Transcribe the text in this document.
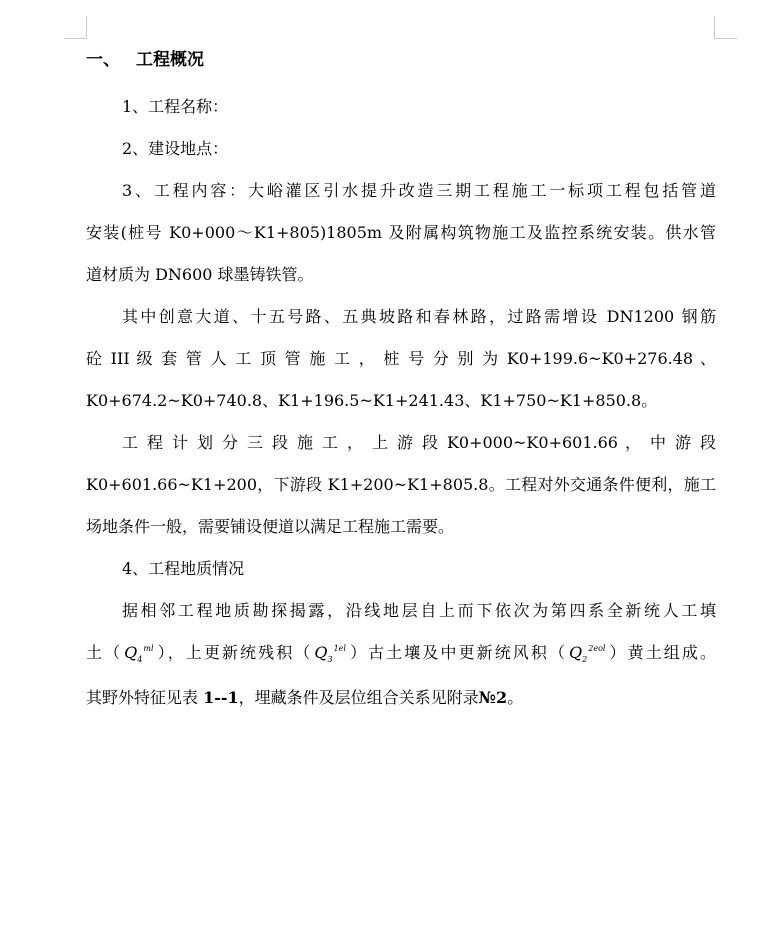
一、 工程概况
1、工程名称：
2、建设地点：
3、工程内容：大峪灌区引水提升改造三期工程施工一标项工程包括管道
安装(桩号 K0+000～K1+805)1805m 及附属构筑物施工及监控系统安装。供水管
道材质为 DN600 球墨铸铁管。
其中创意大道、十五号路、五典坡路和春林路，过路需增设 DN1200 钢筋
砼 III 级 套 管 人 工 顶 管 施 工 ， 桩 号 分 别 为 K0+199.6~K0+276.48 、
K0+674.2~K0+740.8、K1+196.5~K1+241.43、K1+750~K1+850.8。
工 程 计 划 分 三 段 施 工 ， 上 游 段 K0+000~K0+601.66 ， 中 游 段
K0+601.66~K1+200，下游段 K1+200~K1+805.8。工程对外交通条件便利，施工
场地条件一般，需要铺设便道以满足工程施工需要。
4、工程地质情况
据相邻工程地质勘探揭露，沿线地层自上而下依次为第四系全新统人工填
土（ $Q_4^{ml}$ ），上更新统残积（ $Q_3^{1el}$ ）古土壤及中更新统风积（ $Q_2^{2eol}$ ）黄土组成。
其野外特征见表 1--1，埋藏条件及层位组合关系见附录№2。
